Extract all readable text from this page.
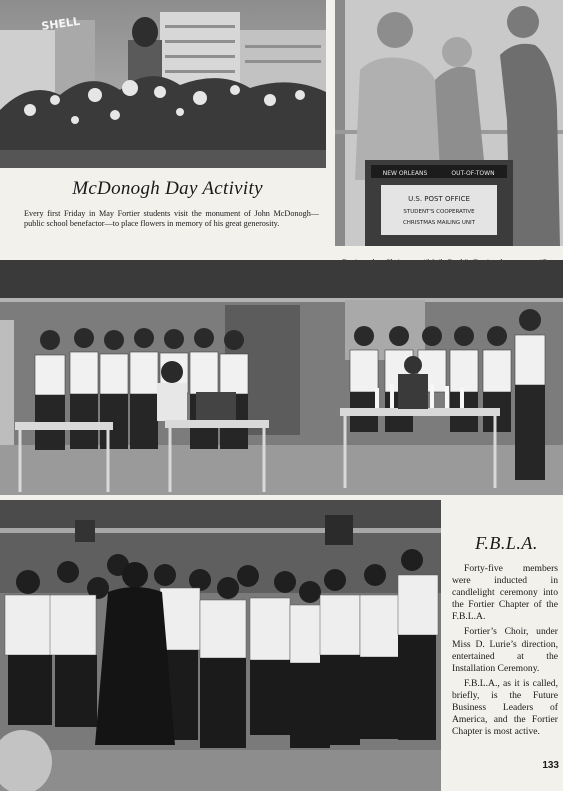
SHELL
NEW ORLEANS	OUT-OF-TOWN
U.S. POST OFFICE
STUDENT'S COOPERATIVE
CHRISTMAS MAILING UNIT
McDonogh Day Activity

Every first Friday in May Fortier students visit the monument of John McDonogh—public school benefactor—to place flowers in memory of his great generosity.

F.B.L.A.

Forty-five members were inducted in candlelight ceremony into the Fortier Chapter of the F.B.L.A.

Fortier’s Choir, under Miss D. Lurie’s direction, entertained at the Installation Ceremony.

F.B.L.A., as it is called, briefly, is the Future Business Leaders of America, and the Fortier Chapter is most active.

133
